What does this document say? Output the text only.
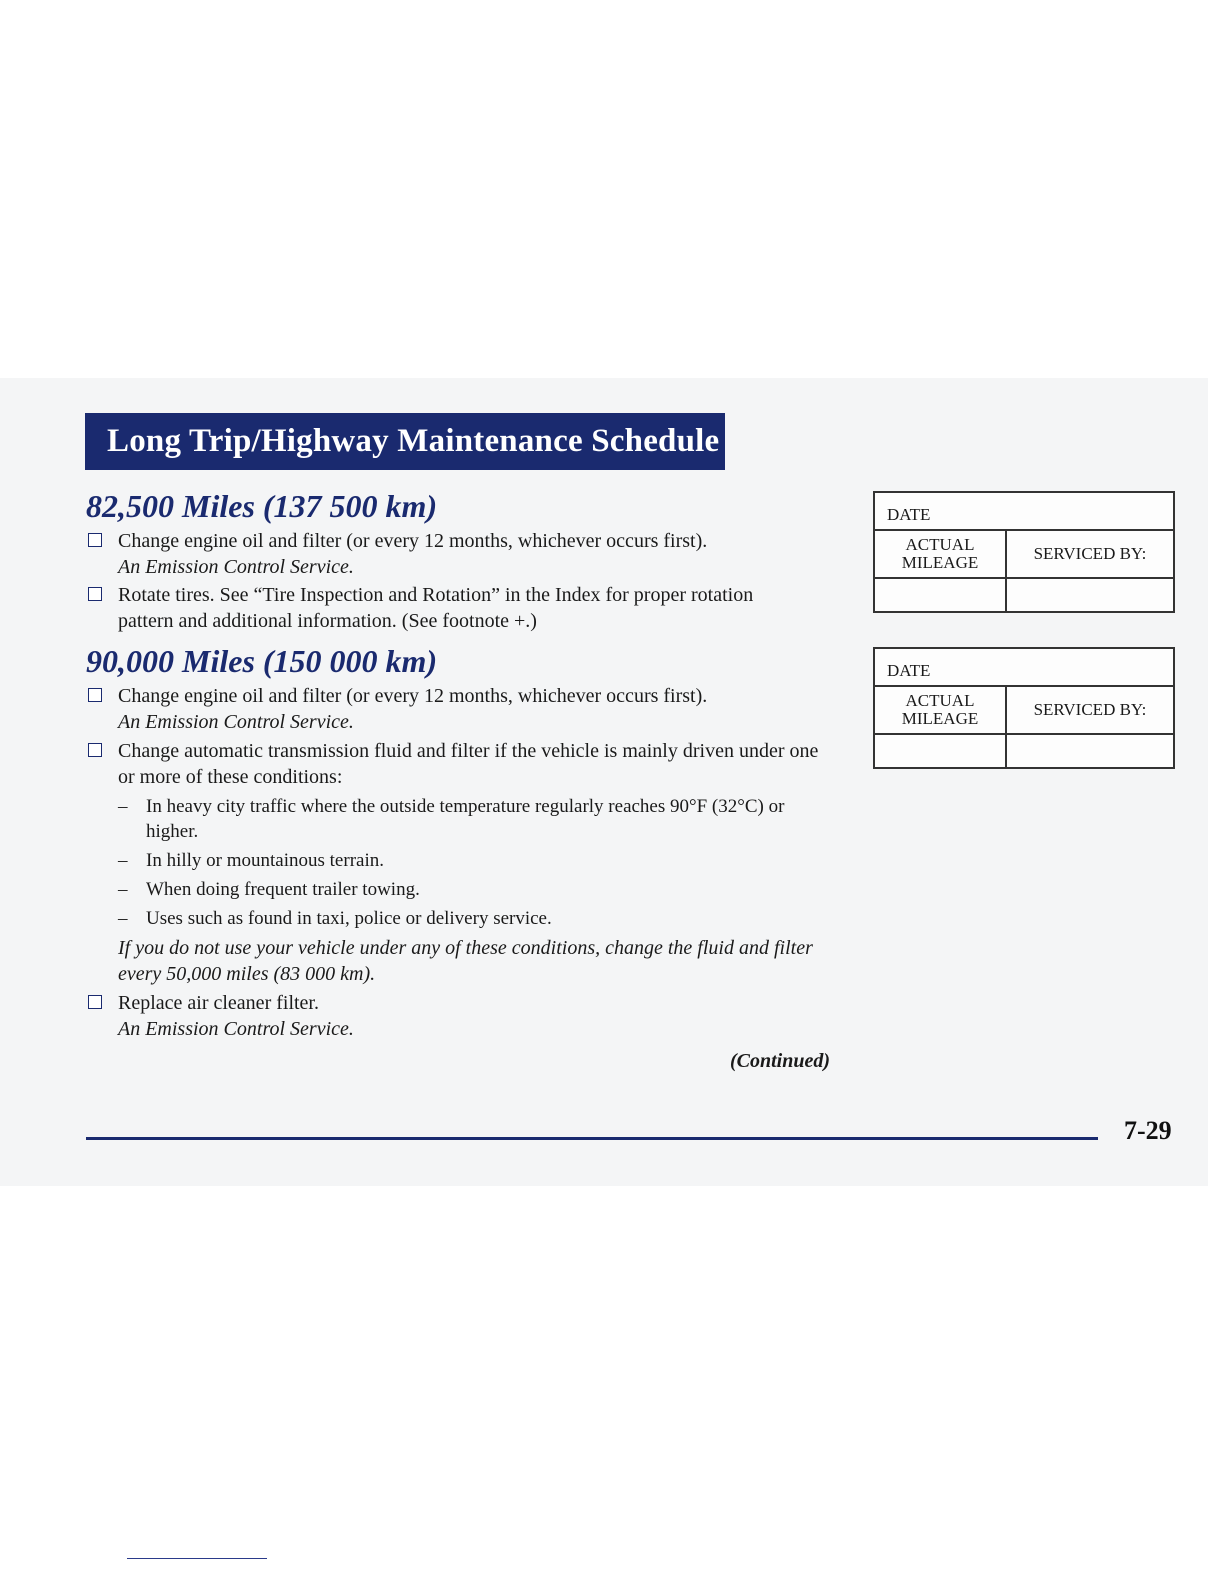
Long Trip/Highway Maintenance Schedule
82,500 Miles (137 500 km)
Change engine oil and filter (or every 12 months, whichever occurs first).
An Emission Control Service.
Rotate tires. See “Tire Inspection and Rotation” in the Index for proper rotation pattern and additional information. (See footnote +.)
90,000 Miles (150 000 km)
Change engine oil and filter (or every 12 months, whichever occurs first).
An Emission Control Service.
Change automatic transmission fluid and filter if the vehicle is mainly driven under one or more of these conditions:
– In heavy city traffic where the outside temperature regularly reaches 90°F (32°C) or higher.
– In hilly or mountainous terrain.
– When doing frequent trailer towing.
– Uses such as found in taxi, police or delivery service.
If you do not use your vehicle under any of these conditions, change the fluid and filter every 50,000 miles (83 000 km).
Replace air cleaner filter.
An Emission Control Service.
(Continued)
DATE
ACTUAL MILEAGE	SERVICED BY:
DATE
ACTUAL MILEAGE	SERVICED BY:
7-29
